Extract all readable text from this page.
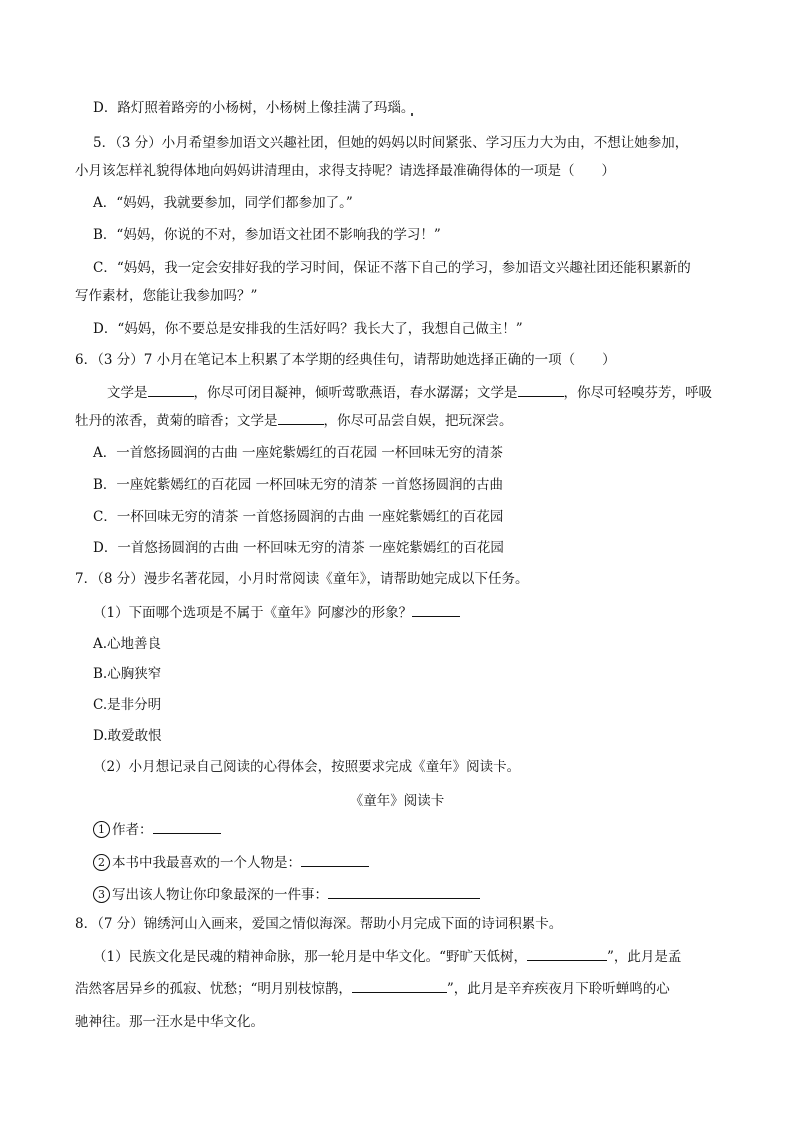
D．路灯照着路旁的小杨树，小杨树上像挂满了玛瑙。
5．（3 分）小月希望参加语文兴趣社团，但她的妈妈以时间紧张、学习压力大为由，不想让她参加，
小月该怎样礼貌得体地向妈妈讲清理由，求得支持呢？请选择最准确得体的一项是（　　）
A．“妈妈，我就要参加，同学们都参加了。”
B．“妈妈，你说的不对，参加语文社团不影响我的学习！”
C．“妈妈，我一定会安排好我的学习时间，保证不落下自己的学习，参加语文兴趣社团还能积累新的
写作素材，您能让我参加吗？”
D．“妈妈，你不要总是安排我的生活好吗？我长大了，我想自己做主！”
6．（3 分）7 小月在笔记本上积累了本学期的经典佳句，请帮助她选择正确的一项（　　）
文学是	，你尽可闭目凝神，倾听莺歌燕语，春水潺潺；文学是	，你尽可轻嗅芬芳，呼吸
牡丹的浓香，黄菊的暗香；文学是	，你尽可品尝自娱，把玩深尝。
A．一首悠扬圆润的古曲 一座姹紫嫣红的百花园 一杯回味无穷的清茶
B．一座姹紫嫣红的百花园 一杯回味无穷的清茶 一首悠扬圆润的古曲
C．一杯回味无穷的清茶 一首悠扬圆润的古曲 一座姹紫嫣红的百花园
D．一首悠扬圆润的古曲 一杯回味无穷的清茶 一座姹紫嫣红的百花园
7．（8 分）漫步名著花园，小月时常阅读《童年》，请帮助她完成以下任务。
（1）下面哪个选项是不属于《童年》阿廖沙的形象？
A.心地善良
B.心胸狭窄
C.是非分明
D.敢爱敢恨
（2）小月想记录自己阅读的心得体会，按照要求完成《童年》阅读卡。
《童年》阅读卡
1 作者：
2 本书中我最喜欢的一个人物是：
3 写出该人物让你印象最深的一件事：
8．（7 分）锦绣河山入画来，爱国之情似海深。帮助小月完成下面的诗词积累卡。
（1）民族文化是民魂的精神命脉，那一轮月是中华文化。“野旷天低树，	”，此月是孟
浩然客居异乡的孤寂、忧愁；“明月别枝惊鹊，	”，此月是辛弃疾夜月下聆听蝉鸣的心
驰神往。那一汪水是中华文化。
